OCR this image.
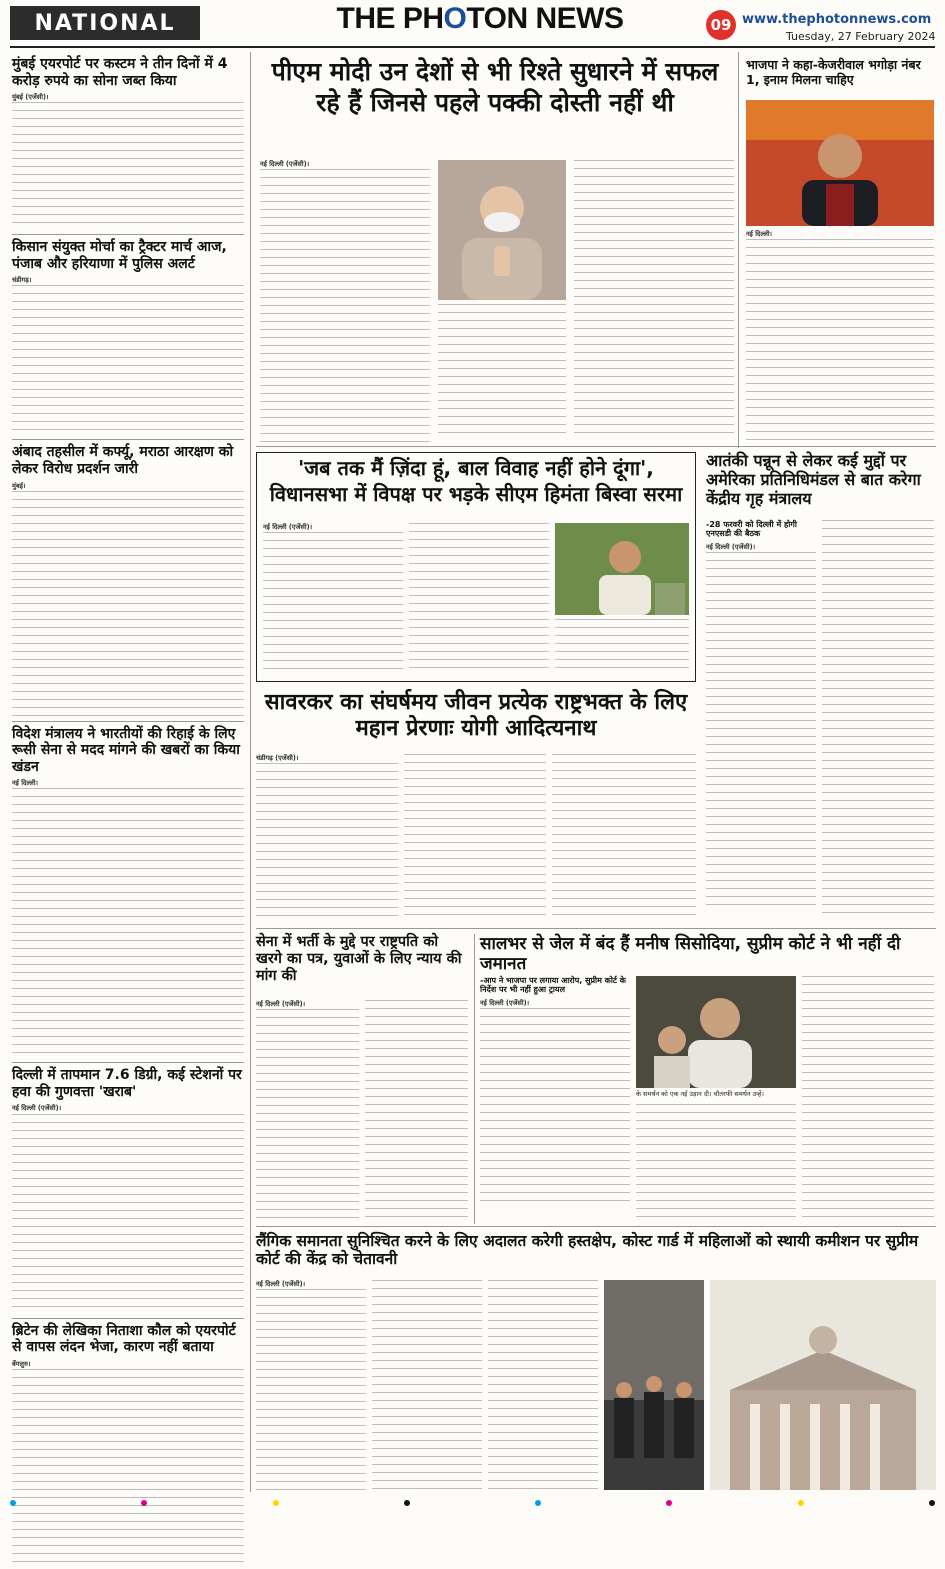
NATIONAL	THE PHOTON NEWS	09 www.thephotonnews.com
Tuesday, 27 February 2024
मुंबई एयरपोर्ट पर कस्टम ने तीन दिनों में 4 करोड़ रुपये का सोना जब्त किया
मुंबई (एजेंसी)।
किसान संयुक्त मोर्चा का ट्रैक्टर मार्च आज, पंजाब और हरियाणा में पुलिस अलर्ट
चंडीगढ़।
अंबाद तहसील में कर्फ्यू, मराठा आरक्षण को लेकर विरोध प्रदर्शन जारी
मुंबई।
विदेश मंत्रालय ने भारतीयों की रिहाई के लिए रूसी सेना से मदद मांगने की खबरों का किया खंडन
नई दिल्ली।
दिल्ली में तापमान 7.6 डिग्री, कई स्टेशनों पर हवा की गुणवत्ता 'खराब'
नई दिल्ली (एजेंसी)।
ब्रिटेन की लेखिका निताशा कौल को एयरपोर्ट से वापस लंदन भेजा, कारण नहीं बताया
बेंगलुरु।
पीएम मोदी उन देशों से भी रिश्ते सुधारने में सफल रहे हैं जिनसे पहले पक्की दोस्ती नहीं थी
नई दिल्ली (एजेंसी)।
भाजपा ने कहा-केजरीवाल भगोड़ा नंबर 1, इनाम मिलना चाहिए
नई दिल्ली।
'जब तक मैं ज़िंदा हूं, बाल विवाह नहीं होने दूंगा',
विधानसभा में विपक्ष पर भड़के सीएम हिमंता बिस्वा सरमा
नई दिल्ली (एजेंसी)।
आतंकी पन्नून से लेकर कई मुद्दों पर अमेरिका प्रतिनिधिमंडल से बात करेगा केंद्रीय गृह मंत्रालय
-28 फरवरी को दिल्ली में होगी एनएसडी की बैठक
नई दिल्ली (एजेंसी)।
सावरकर का संघर्षमय जीवन प्रत्येक राष्ट्रभक्त के लिए महान प्रेरणाः योगी आदित्यनाथ
चंडीगढ़ (एजेंसी)।
सेना में भर्ती के मुद्दे पर राष्ट्रपति को खरगे का पत्र, युवाओं के लिए न्याय की मांग की
नई दिल्ली (एजेंसी)।
सालभर से जेल में बंद हैं मनीष सिसोदिया, सुप्रीम कोर्ट ने भी नहीं दी जमानत
-आप ने भाजपा पर लगाया आरोप, सुप्रीम कोर्ट के निर्देश पर भी नहीं हुआ ट्रायल
नई दिल्ली (एजेंसी)।
के समर्थन को एक नई उड़ान दी। चौतरफी समर्थन उन्हें।
लैंगिक समानता सुनिश्चित करने के लिए अदालत करेगी हस्तक्षेप, कोस्ट गार्ड में महिलाओं को स्थायी कमीशन पर सुप्रीम कोर्ट की केंद्र को चेतावनी
नई दिल्ली (एजेंसी)।
